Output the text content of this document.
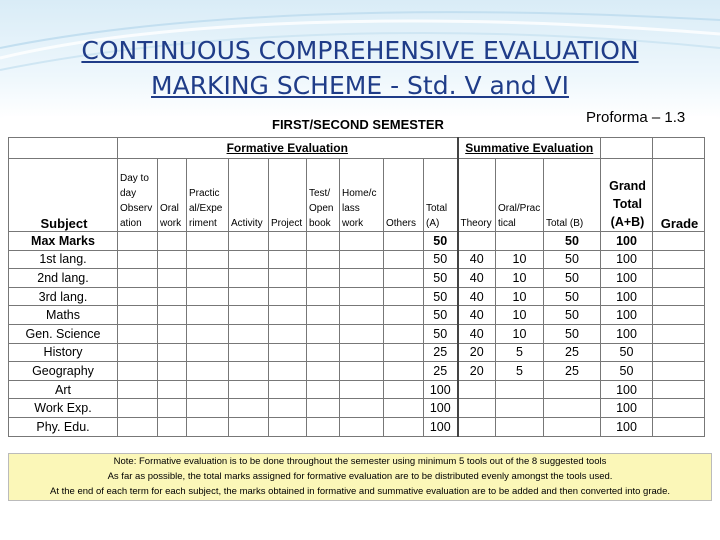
CONTINUOUS COMPREHENSIVE EVALUATION
MARKING SCHEME - Std. V and VI
FIRST/SECOND SEMESTER
	Formative Evaluation									Summative Evaluation				
Subject	Day to day Observ ation	Oral work	Practic al/Expe riment	Activity	Project	Test/ Open book	Home/c lass work	Others	Total (A)	Theory	Oral/Prac tical	Total (B)	Grand Total (A+B)	Grade
Max Marks									50			50	100	
1st lang.									50	40	10	50	100	
2nd lang.									50	40	10	50	100	
3rd lang.									50	40	10	50	100	
Maths									50	40	10	50	100	
Gen. Science									50	40	10	50	100	
History									25	20	5	25	50	
Geography									25	20	5	25	50	
Art									100				100	
Work Exp.									100				100	
Phy. Edu.									100				100	
Proforma – 1.3
Note: Formative evaluation is to be done throughout the semester using minimum 5 tools out of the 8 suggested tools
As far as possible, the total marks assigned for formative evaluation are to be distributed evenly amongst the tools used.
At the end of each term for each subject, the marks obtained in formative and summative evaluation are to be added and then converted into grade.
